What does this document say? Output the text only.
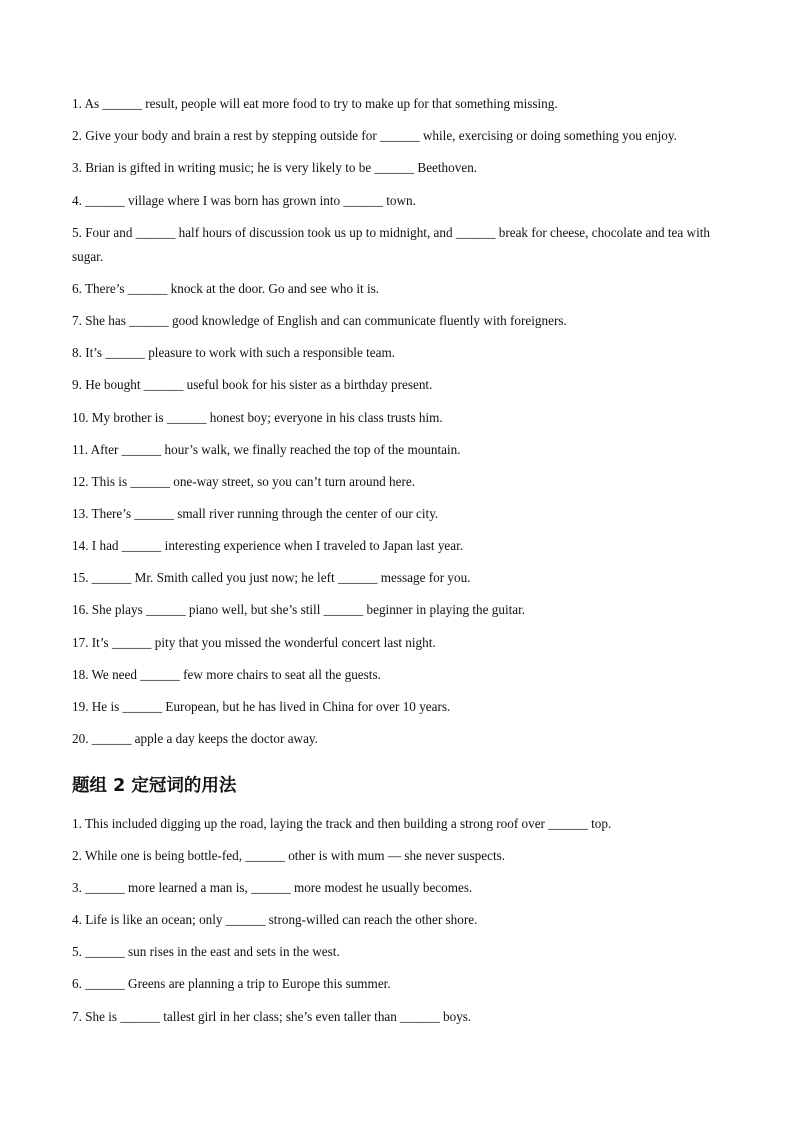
1. As ______ result, people will eat more food to try to make up for that something missing.
2. Give your body and brain a rest by stepping outside for ______ while, exercising or doing something you enjoy.
3. Brian is gifted in writing music; he is very likely to be ______ Beethoven.
4. ______ village where I was born has grown into ______ town.
5. Four and ______ half hours of discussion took us up to midnight, and ______ break for cheese, chocolate and tea with sugar.
6. There’s ______ knock at the door. Go and see who it is.
7. She has ______ good knowledge of English and can communicate fluently with foreigners.
8. It’s ______ pleasure to work with such a responsible team.
9. He bought ______ useful book for his sister as a birthday present.
10. My brother is ______ honest boy; everyone in his class trusts him.
11. After ______ hour’s walk, we finally reached the top of the mountain.
12. This is ______ one-way street, so you can’t turn around here.
13. There’s ______ small river running through the center of our city.
14. I had ______ interesting experience when I traveled to Japan last year.
15. ______ Mr. Smith called you just now; he left ______ message for you.
16. She plays ______ piano well, but she’s still ______ beginner in playing the guitar.
17. It’s ______ pity that you missed the wonderful concert last night.
18. We need ______ few more chairs to seat all the guests.
19. He is ______ European, but he has lived in China for over 10 years.
20. ______ apple a day keeps the doctor away.
题组 2 定冠词的用法
1. This included digging up the road, laying the track and then building a strong roof over ______ top.
2. While one is being bottle-fed, ______ other is with mum — she never suspects.
3. ______ more learned a man is, ______ more modest he usually becomes.
4. Life is like an ocean; only ______ strong-willed can reach the other shore.
5. ______ sun rises in the east and sets in the west.
6. ______ Greens are planning a trip to Europe this summer.
7. She is ______ tallest girl in her class; she’s even taller than ______ boys.
